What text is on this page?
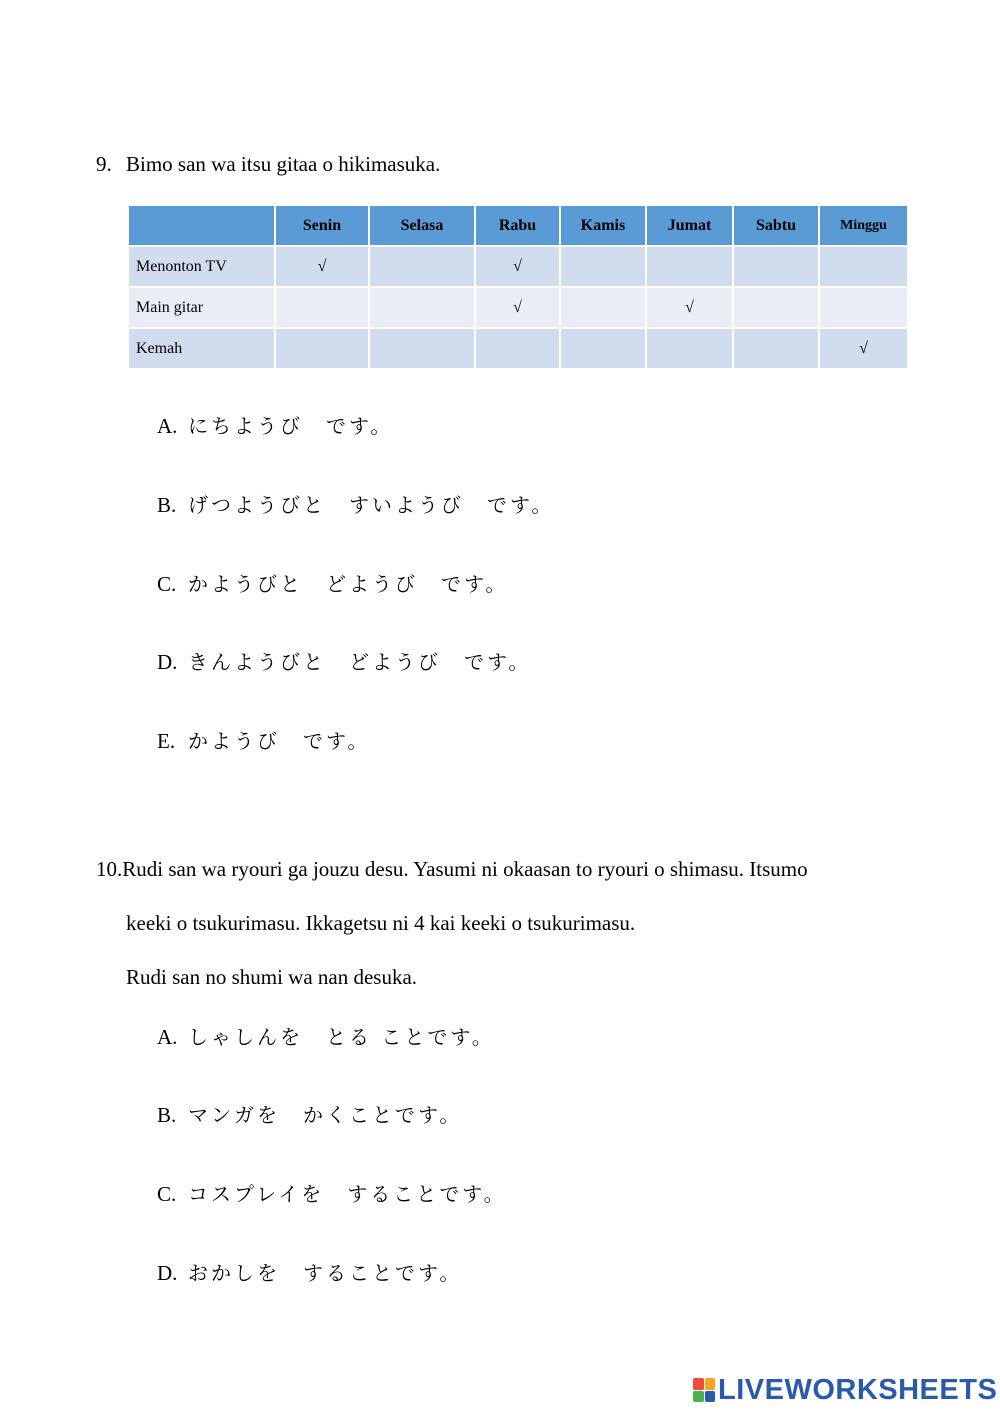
9. Bimo san wa itsu gitaa o hikimasuka.
	Senin	Selasa	Rabu	Kamis	Jumat	Sabtu	Minggu
Menonton TV	√		√				
Main gitar			√		√		
Kemah							√
A. にちようび　です。
B. げつようびと　すいようび　です。
C. かようびと　どようび　です。
D. きんようびと　どようび　です。
E. かようび　です。
10.Rudi san wa ryouri ga jouzu desu. Yasumi ni okaasan to ryouri o shimasu. Itsumo
keeki o tsukurimasu. Ikkagetsu ni 4 kai keeki o tsukurimasu.
Rudi san no shumi wa nan desuka.
A. しゃしんを　とる ことです。
B. マンガを　かくことです。
C. コスプレイを　することです。
D. おかしを　することです。
LIVEWORKSHEETS
